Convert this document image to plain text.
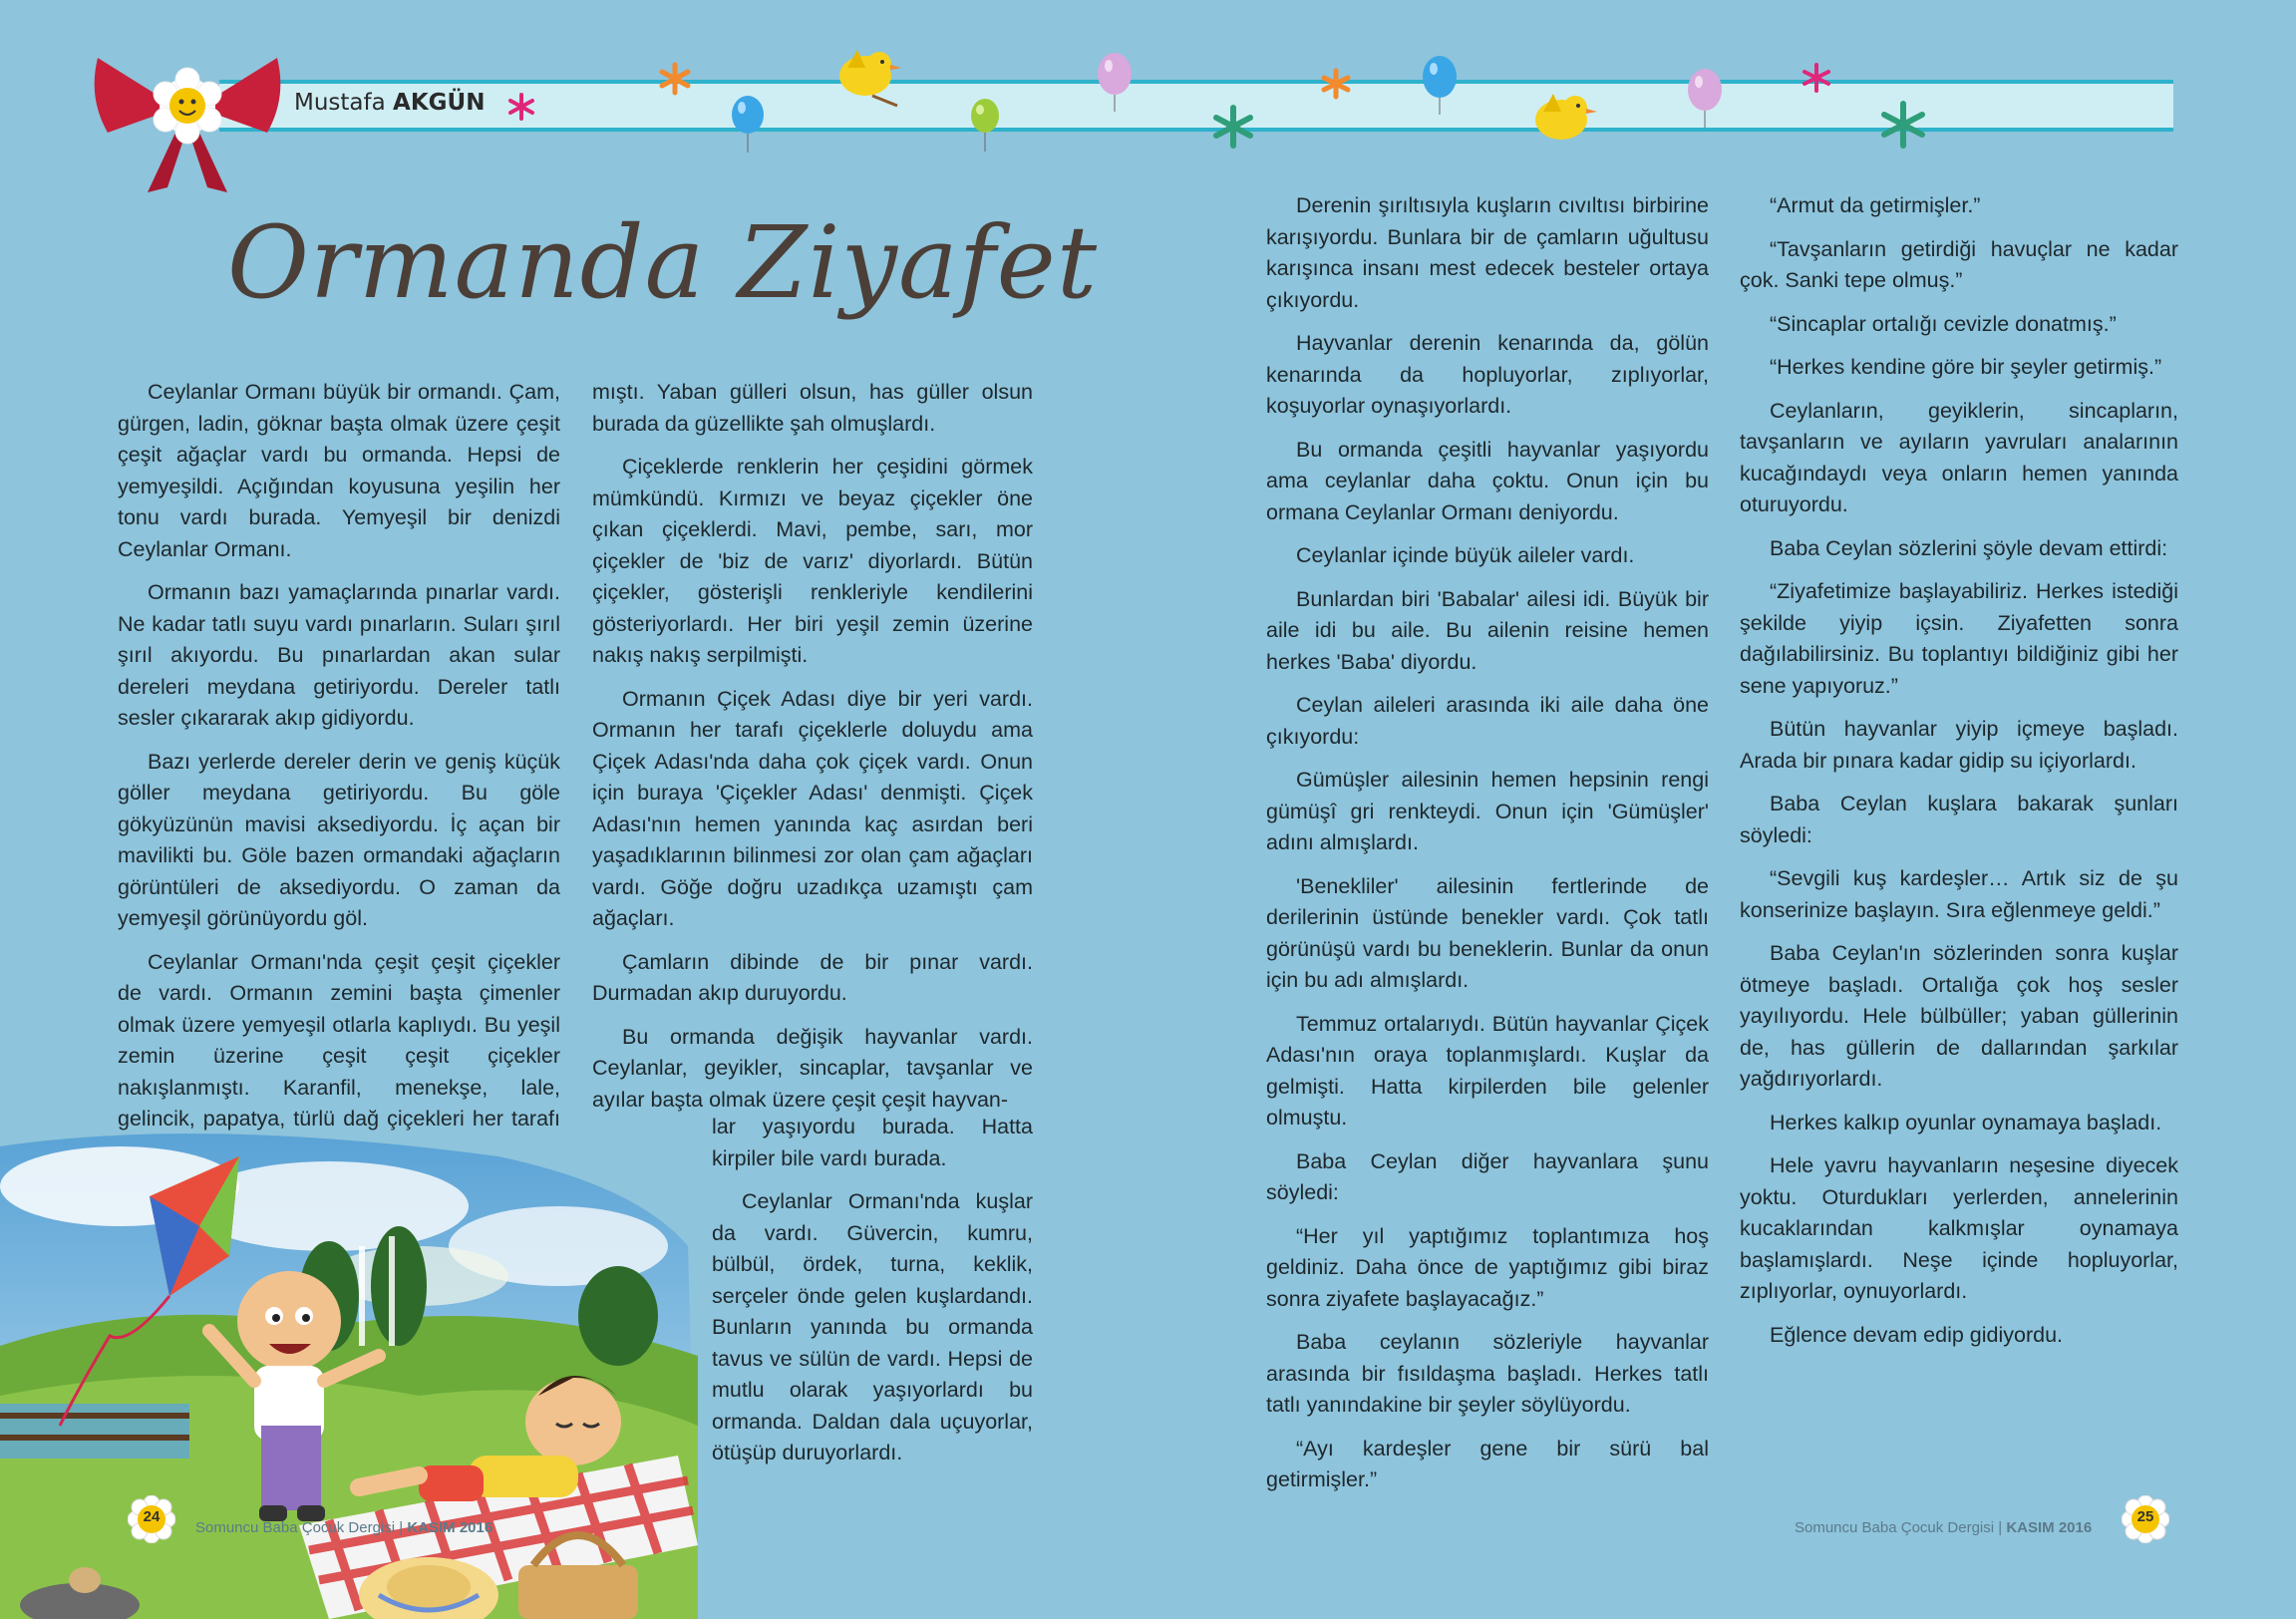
Mustafa AKGÜN
Ormanda Ziyafet

Ceylanlar Ormanı büyük bir ormandı. Çam, gürgen, ladin, göknar başta olmak üzere çeşit çeşit ağaçlar vardı bu ormanda. Hepsi de yemyeşildi. Açığından koyusuna yeşilin her tonu vardı burada. Yemyeşil bir denizdi Ceylanlar Ormanı.

Ormanın bazı yamaçlarında pınarlar vardı. Ne kadar tatlı suyu vardı pınarların. Suları şırıl şırıl akıyordu. Bu pınarlardan akan sular dereleri meydana getiriyordu. Dereler tatlı sesler çıkararak akıp gidiyordu.

Bazı yerlerde dereler derin ve geniş küçük göller meydana getiriyordu. Bu göle gökyüzünün mavisi aksediyordu. İç açan bir mavilikti bu. Göle bazen ormandaki ağaçların görüntüleri de aksediyordu. O zaman da yemyeşil görünüyordu göl.

Ceylanlar Ormanı'nda çeşit çeşit çiçekler de vardı. Ormanın zemini başta çimenler olmak üzere yemyeşil otlarla kaplıydı. Bu yeşil zemin üzerine çeşit çeşit çiçekler nakışlanmıştı. Karanfil, menekşe, lale, gelincik, papatya, türlü dağ çiçekleri her tarafı

mıştı. Yaban gülleri olsun, has güller olsun burada da güzellikte şah olmuşlardı.

Çiçeklerde renklerin her çeşidini görmek mümkündü. Kırmızı ve beyaz çiçekler öne çıkan çiçeklerdi. Mavi, pembe, sarı, mor çiçekler de 'biz de varız' diyorlardı. Bütün çiçekler, gösterişli renkleriyle kendilerini gösteriyorlardı. Her biri yeşil zemin üzerine nakış nakış serpilmişti.

Ormanın Çiçek Adası diye bir yeri vardı. Ormanın her tarafı çiçeklerle doluydu ama Çiçek Adası'nda daha çok çiçek vardı. Onun için buraya 'Çiçekler Adası' denmişti. Çiçek Adası'nın hemen yanında kaç asırdan beri yaşadıklarının bilinmesi zor olan çam ağaçları vardı. Göğe doğru uzadıkça uzamıştı çam ağaçları.

Çamların dibinde de bir pınar vardı. Durmadan akıp duruyordu.

Bu ormanda değişik hayvanlar vardı. Ceylanlar, geyikler, sincaplar, tavşanlar ve ayılar başta olmak üzere çeşit çeşit hayvan-

lar yaşıyordu burada. Hatta kirpiler bile vardı burada.

Ceylanlar Ormanı'nda kuşlar da vardı. Güvercin, kumru, bülbül, ördek, turna, keklik, serçeler önde gelen kuşlardandı. Bunların yanında bu ormanda tavus ve sülün de vardı. Hepsi de mutlu olarak yaşıyorlardı bu ormanda. Daldan dala uçuyorlar, ötüşüp duruyorlardı.

Derenin şırıltısıyla kuşların cıvıltısı birbirine karışıyordu. Bunlara bir de çamların uğultusu karışınca insanı mest edecek besteler ortaya çıkıyordu.

Hayvanlar derenin kenarında da, gölün kenarında da hopluyorlar, zıplıyorlar, koşuyorlar oynaşıyorlardı.

Bu ormanda çeşitli hayvanlar yaşıyordu ama ceylanlar daha çoktu. Onun için bu ormana Ceylanlar Ormanı deniyordu.

Ceylanlar içinde büyük aileler vardı.

Bunlardan biri 'Babalar' ailesi idi. Büyük bir aile idi bu aile. Bu ailenin reisine hemen herkes 'Baba' diyordu.

Ceylan aileleri arasında iki aile daha öne çıkıyordu:

Gümüşler ailesinin hemen hepsinin rengi gümüşî gri renkteydi. Onun için 'Gümüşler' adını almışlardı.

'Benekliler' ailesinin fertlerinde de derilerinin üstünde benekler vardı. Çok tatlı görünüşü vardı bu beneklerin. Bunlar da onun için bu adı almışlardı.

Temmuz ortalarıydı. Bütün hayvanlar Çiçek Adası'nın oraya toplanmışlardı. Kuşlar da gelmişti. Hatta kirpilerden bile gelenler olmuştu.

Baba Ceylan diğer hayvanlara şunu söyledi:

“Her yıl yaptığımız toplantımıza hoş geldiniz. Daha önce de yaptığımız gibi biraz sonra ziyafete başlayacağız.”

Baba ceylanın sözleriyle hayvanlar arasında bir fısıldaşma başladı. Herkes tatlı tatlı yanındakine bir şeyler söylüyordu.

“Ayı kardeşler gene bir sürü bal getirmişler.”

“Armut da getirmişler.”

“Tavşanların getirdiği havuçlar ne kadar çok. Sanki tepe olmuş.”

“Sincaplar ortalığı cevizle donatmış.”

“Herkes kendine göre bir şeyler getirmiş.”

Ceylanların, geyiklerin, sincapların, tavşanların ve ayıların yavruları analarının kucağındaydı veya onların hemen yanında oturuyordu.

Baba Ceylan sözlerini şöyle devam ettirdi:

“Ziyafetimize başlayabiliriz. Herkes istediği şekilde yiyip içsin. Ziyafetten sonra dağılabilirsiniz. Bu toplantıyı bildiğiniz gibi her sene yapıyoruz.”

Bütün hayvanlar yiyip içmeye başladı. Arada bir pınara kadar gidip su içiyorlardı.

Baba Ceylan kuşlara bakarak şunları söyledi:

“Sevgili kuş kardeşler… Artık siz de şu konserinize başlayın. Sıra eğlenmeye geldi.”

Baba Ceylan'ın sözlerinden sonra kuşlar ötmeye başladı. Ortalığa çok hoş sesler yayılıyordu. Hele bülbüller; yaban güllerinin de, has güllerin de dallarından şarkılar yağdırıyorlardı.

Herkes kalkıp oyunlar oynamaya başladı.

Hele yavru hayvanların neşesine diyecek yoktu. Oturdukları yerlerden, annelerinin kucaklarından kalkmışlar oynamaya başlamışlardı. Neşe içinde hopluyorlar, zıplıyorlar, oynuyorlardı.

Eğlence devam edip gidiyordu.

24
Somuncu Baba Çocuk Dergisi | KASIM 2016	Somuncu Baba Çocuk Dergisi | KASIM 2016
25
